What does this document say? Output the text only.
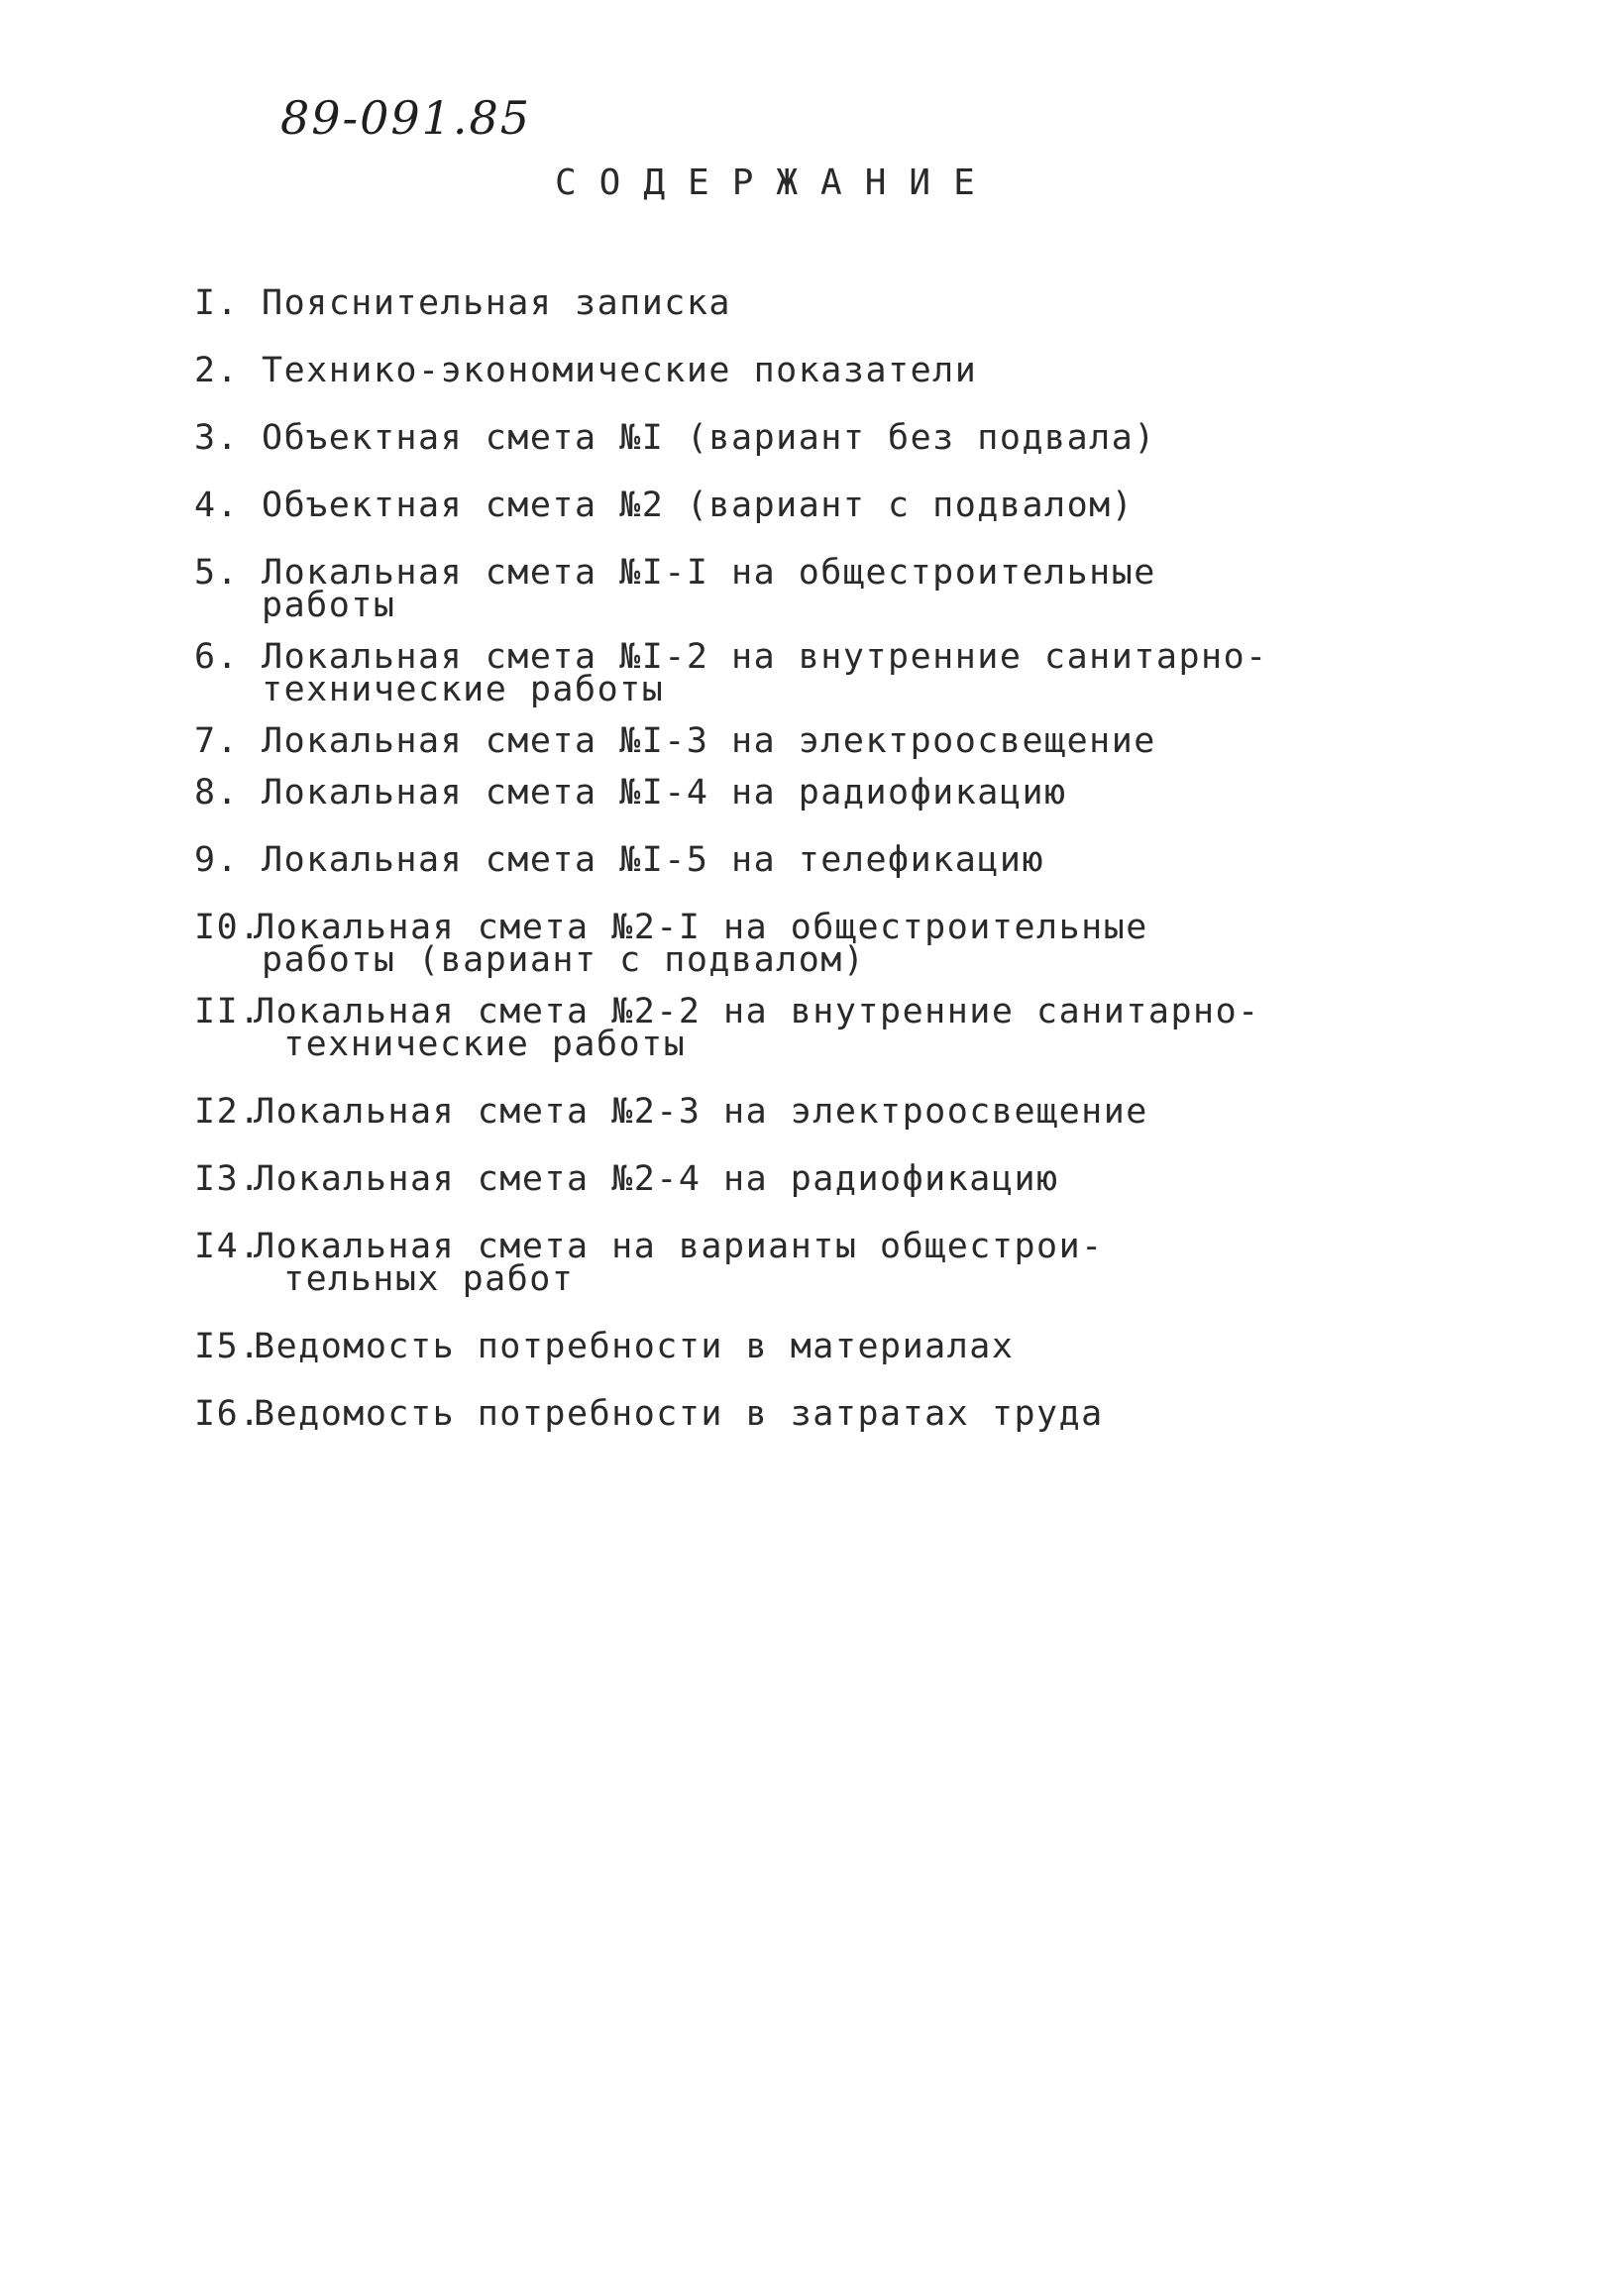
89-091.85
СОДЕРЖАНИЕ
I. Пояснительная записка
2. Технико-экономические показатели
3. Объектная смета №I (вариант без подвала)
4. Объектная смета №2 (вариант с подвалом)
5. Локальная смета №I-I на общестроительные
работы
6. Локальная смета №I-2 на внутренние санитарно-
технические работы
7. Локальная смета №I-3 на электроосвещение
8. Локальная смета №I-4 на радиофикацию
9. Локальная смета №I-5 на телефикацию
I0.Локальная смета №2-I на общестроительные
работы (вариант с подвалом)
II.Локальная смета №2-2 на внутренние санитарно-
технические работы
I2.Локальная смета №2-3 на электроосвещение
I3.Локальная смета №2-4 на радиофикацию
I4.Локальная смета на варианты общестрои-
тельных работ
I5.Ведомость потребности в материалах
I6.Ведомость потребности в затратах труда
